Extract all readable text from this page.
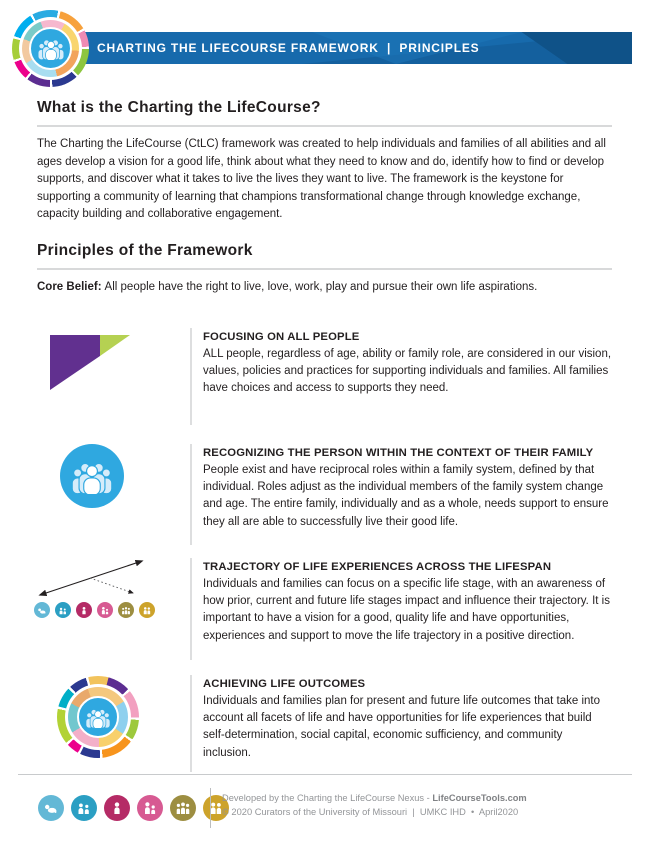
CHARTING THE LIFECOURSE FRAMEWORK  |  PRINCIPLES
What is the Charting the LifeCourse?
The Charting the LifeCourse (CtLC) framework was created to help individuals and families of all abilities and all ages develop a vision for a good life, think about what they need to know and do, identify how to find or develop supports, and discover what it takes to live the lives they want to live. The framework is the keystone for supporting a community of learning that champions transformational change through knowledge exchange, capacity building and collaborative engagement.
Principles of the Framework
Core Belief: All people have the right to live, love, work, play and pursue their own life aspirations.
FOCUSING ON ALL PEOPLE
ALL people, regardless of age, ability or family role, are considered in our vision, values, policies and practices for supporting individuals and families. All families have choices and access to supports they need.
RECOGNIZING THE PERSON WITHIN THE CONTEXT OF THEIR FAMILY
People exist and have reciprocal roles within a family system, defined by that individual. Roles adjust as the individual members of the family system change and age. The entire family, individually and as a whole, needs support to ensure they all are able to successfully live their good life.
TRAJECTORY OF LIFE EXPERIENCES ACROSS THE LIFESPAN
Individuals and families can focus on a specific life stage, with an awareness of how prior, current and future life stages impact and influence their trajectory. It is important to have a vision for a good, quality life and have opportunities, experiences and support to move the life trajectory in a positive direction.
ACHIEVING LIFE OUTCOMES
Individuals and families plan for present and future life outcomes that take into account all facets of life and have opportunities for life experiences that build self-determination, social capital, economic sufficiency, and community inclusion.
Developed by the Charting the LifeCourse Nexus - LifeCourseTools.com
© 2020 Curators of the University of Missouri  |  UMKC IHD  •  April2020
